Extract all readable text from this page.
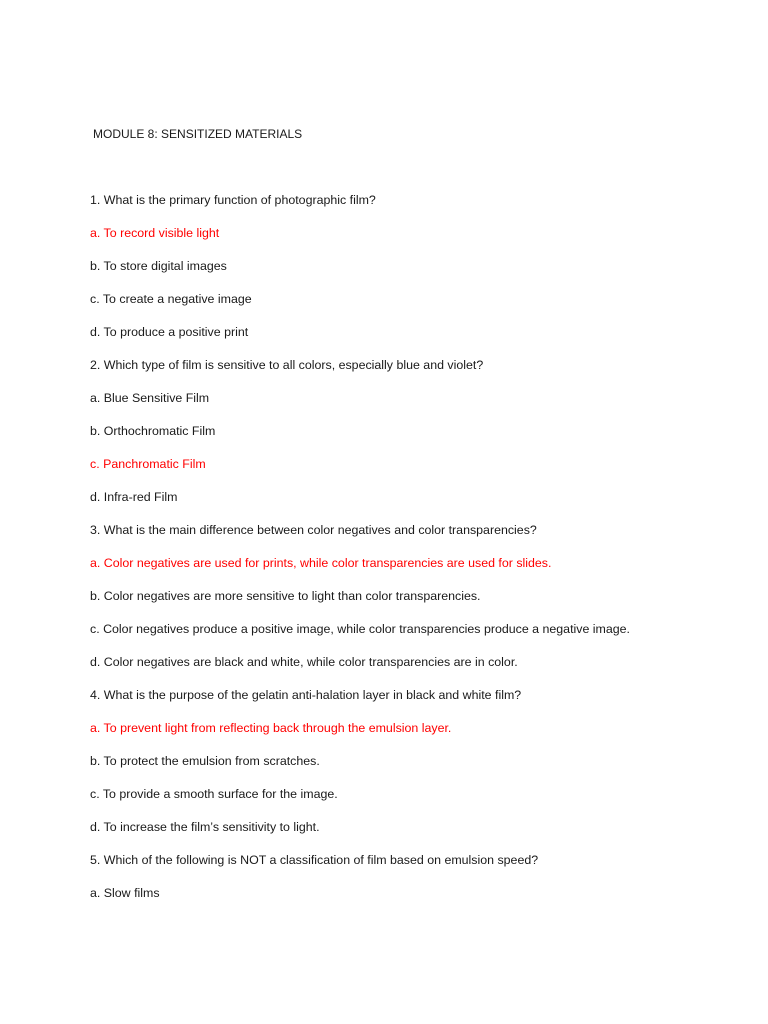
MODULE 8: SENSITIZED MATERIALS
1. What is the primary function of photographic film?
a. To record visible light
b. To store digital images
c. To create a negative image
d. To produce a positive print
2. Which type of film is sensitive to all colors, especially blue and violet?
a. Blue Sensitive Film
b. Orthochromatic Film
c. Panchromatic Film
d. Infra-red Film
3. What is the main difference between color negatives and color transparencies?
a. Color negatives are used for prints, while color transparencies are used for slides.
b. Color negatives are more sensitive to light than color transparencies.
c. Color negatives produce a positive image, while color transparencies produce a negative image.
d. Color negatives are black and white, while color transparencies are in color.
4. What is the purpose of the gelatin anti-halation layer in black and white film?
a. To prevent light from reflecting back through the emulsion layer.
b. To protect the emulsion from scratches.
c. To provide a smooth surface for the image.
d. To increase the film’s sensitivity to light.
5. Which of the following is NOT a classification of film based on emulsion speed?
a. Slow films
